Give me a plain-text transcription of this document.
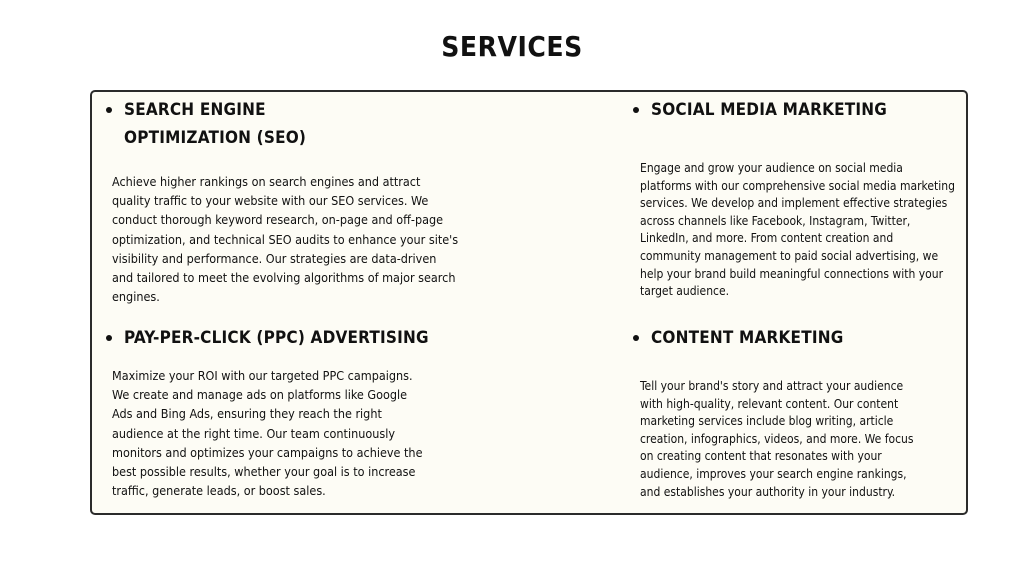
SERVICES
SEARCH ENGINE OPTIMIZATION (SEO)

Achieve higher rankings on search engines and attract quality traffic to your website with our SEO services. We conduct thorough keyword research, on-page and off-page optimization, and technical SEO audits to enhance your site's visibility and performance. Our strategies are data-driven and tailored to meet the evolving algorithms of major search engines.

SOCIAL MEDIA MARKETING

Engage and grow your audience on social media platforms with our comprehensive social media marketing services. We develop and implement effective strategies across channels like Facebook, Instagram, Twitter, LinkedIn, and more. From content creation and community management to paid social advertising, we help your brand build meaningful connections with your target audience.

PAY-PER-CLICK (PPC) ADVERTISING

Maximize your ROI with our targeted PPC campaigns. We create and manage ads on platforms like Google Ads and Bing Ads, ensuring they reach the right audience at the right time. Our team continuously monitors and optimizes your campaigns to achieve the best possible results, whether your goal is to increase traffic, generate leads, or boost sales.

CONTENT MARKETING

Tell your brand's story and attract your audience with high-quality, relevant content. Our content marketing services include blog writing, article creation, infographics, videos, and more. We focus on creating content that resonates with your audience, improves your search engine rankings, and establishes your authority in your industry.
